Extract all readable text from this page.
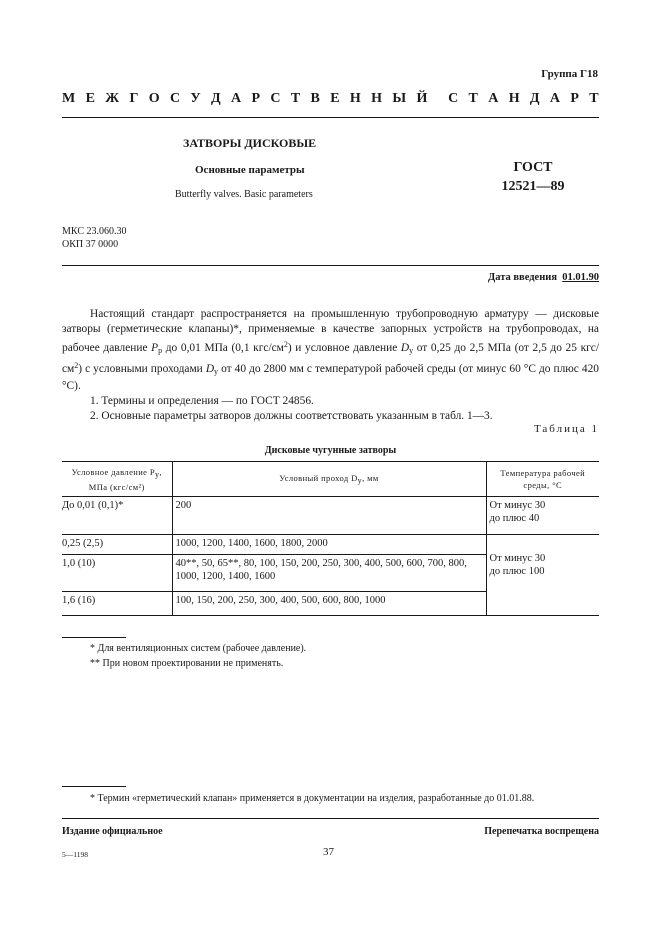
Группа Г18
М Е Ж Г О С У Д А Р С Т В Е Н Н Ы Й С Т А Н Д А Р Т
ЗАТВОРЫ ДИСКОВЫЕ
Основные параметры
Butterfly valves. Basic parameters
ГОСТ
12521—89
МКС 23.060.30
ОКП 37 0000
Дата введения 01.01.90

Настоящий стандарт распространяется на промышленную трубопроводную арматуру — дисковые затворы (герметические клапаны)*, применяемые в качестве запорных устройств на трубопроводах, на рабочее давление $P_р$ до 0,01 МПа (0,1 кгс/$см^2$) и условное давление $D_у$ от 0,25 до 2,5 МПа (от 2,5 до 25 кгс/$см^2$) с условными проходами $D_у$ от 40 до 2800 мм с температурой рабочей среды (от минус 60 °С до плюс 420 °С).

1. Термины и определения — по ГОСТ 24856.

2. Основные параметры затворов должны соответствовать указанным в табл. 1—3.

Таблица 1
Дисковые чугунные затворы
Условное давление Pу,
МПа (кгс/см²)	Условный проход Dу, мм	Температура рабочей среды, °С
До 0,01 (0,1)*	200	От минус 30
до плюс 40
0,25 (2,5)	1000, 1200, 1400, 1600, 1800, 2000	От минус 30
до плюс 100
1,0 (10)	40**, 50, 65**, 80, 100, 150, 200, 250, 300, 400, 500, 600, 700, 800, 1000, 1200, 1400, 1600	
1,6 (16)	100, 150, 200, 250, 300, 400, 500, 600, 800, 1000	
* Для вентиляционных систем (рабочее давление).
** При новом проектировании не применять.
* Термин «герметический клапан» применяется в документации на изделия, разработанные до 01.01.88.
Издание официальное	Перепечатка воспрещена
5—1198	37
